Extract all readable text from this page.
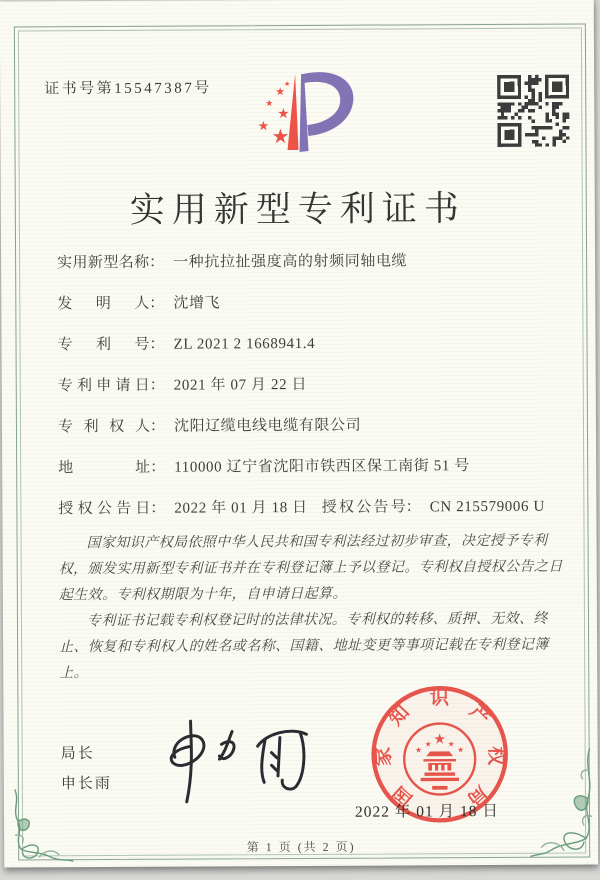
证书号第15547387号
★
★
★
★
★
★
实用新型专利证书
实用新型名称： 一种抗拉扯强度高的射频同轴电缆
发明人： 沈增飞
专利号： ZL 2021 2 1668941.4
专利申请日： 2021 年 07 月 22 日
专利权人： 沈阳辽缆电线电缆有限公司
地址： 110000 辽宁省沈阳市铁西区保工南街 51 号
授权公告日： 2022 年 01 月 18 日 授权公告号： CN 215579006 U

国家知识产权局依照中华人民共和国专利法经过初步审查，决定授予专利权，颁发实用新型专利证书并在专利登记簿上予以登记。专利权自授权公告之日起生效。专利权期限为十年，自申请日起算。

专利证书记载专利权登记时的法律状况。专利权的转移、质押、无效、终止、恢复和专利权人的姓名或名称、国籍、地址变更等事项记载在专利登记簿上。

局长
申长雨	国
家
知
识
产
权
局
★
★
★
★
★
2022 年 01 月 18 日
第 1 页 (共 2 页)
